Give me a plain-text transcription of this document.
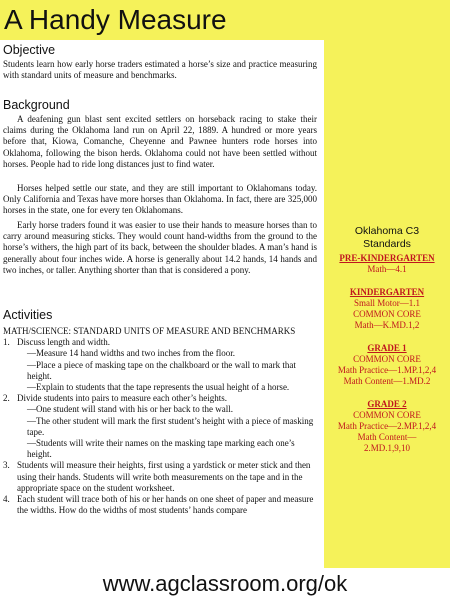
A Handy Measure
Objective
Students learn how early horse traders estimated a horse’s size and practice measuring with standard units of measure and benchmarks.
Background
A deafening gun blast sent excited settlers on horseback racing to stake their claims during the Oklahoma land run on April 22, 1889. A hundred or more years before that, Kiowa, Comanche, Cheyenne and Pawnee hunters rode horses into Oklahoma, following the bison herds. Oklahoma could not have been settled without horses. People had to ride long distances just to find water.
Horses helped settle our state, and they are still important to Oklahomans today. Only California and Texas have more horses than Oklahoma. In fact, there are 325,000 horses in the state, one for every ten Oklahomans.
Early horse traders found it was easier to use their hands to measure horses than to carry around measuring sticks. They would count hand-widths from the ground to the horse’s withers, the high part of its back, between the shoulder blades. A man’s hand is generally about four inches wide. A horse is generally about 14.2 hands, 14 hands and two inches, or taller. Anything shorter than that is considered a pony.
Activities

MATH/SCIENCE: STANDARD UNITS OF MEASURE AND BENCHMARKS

1. Discuss length and width.
—Measure 14 hand widths and two inches from the floor.
—Place a piece of masking tape on the chalkboard or the wall to mark that height.
—Explain to students that the tape represents the usual height of a horse.
2. Divide students into pairs to measure each other’s heights.
—One student will stand with his or her back to the wall.
—The other student will mark the first student’s height with a piece of masking tape.
—Students will write their names on the masking tape marking each one’s height.
3. Students will measure their heights, first using a yardstick or meter stick and then using their hands. Students will write both measurements on the tape and in the appropriate space on the student worksheet.
4. Each student will trace both of his or her hands on one sheet of paper and measure the widths. How do the widths of most students’ hands compare
Oklahoma C3
Standards
PRE-KINDERGARTEN
Math—4.1
KINDERGARTEN
Small Motor—1.1
COMMON CORE
Math—K.MD.1,2
GRADE 1
COMMON CORE
Math Practice—1.MP.1,2,4
Math Content—1.MD.2
GRADE 2
COMMON CORE
Math Practice—2.MP.1,2,4
Math Content—
2.MD.1,9,10
www.agclassroom.org/ok
